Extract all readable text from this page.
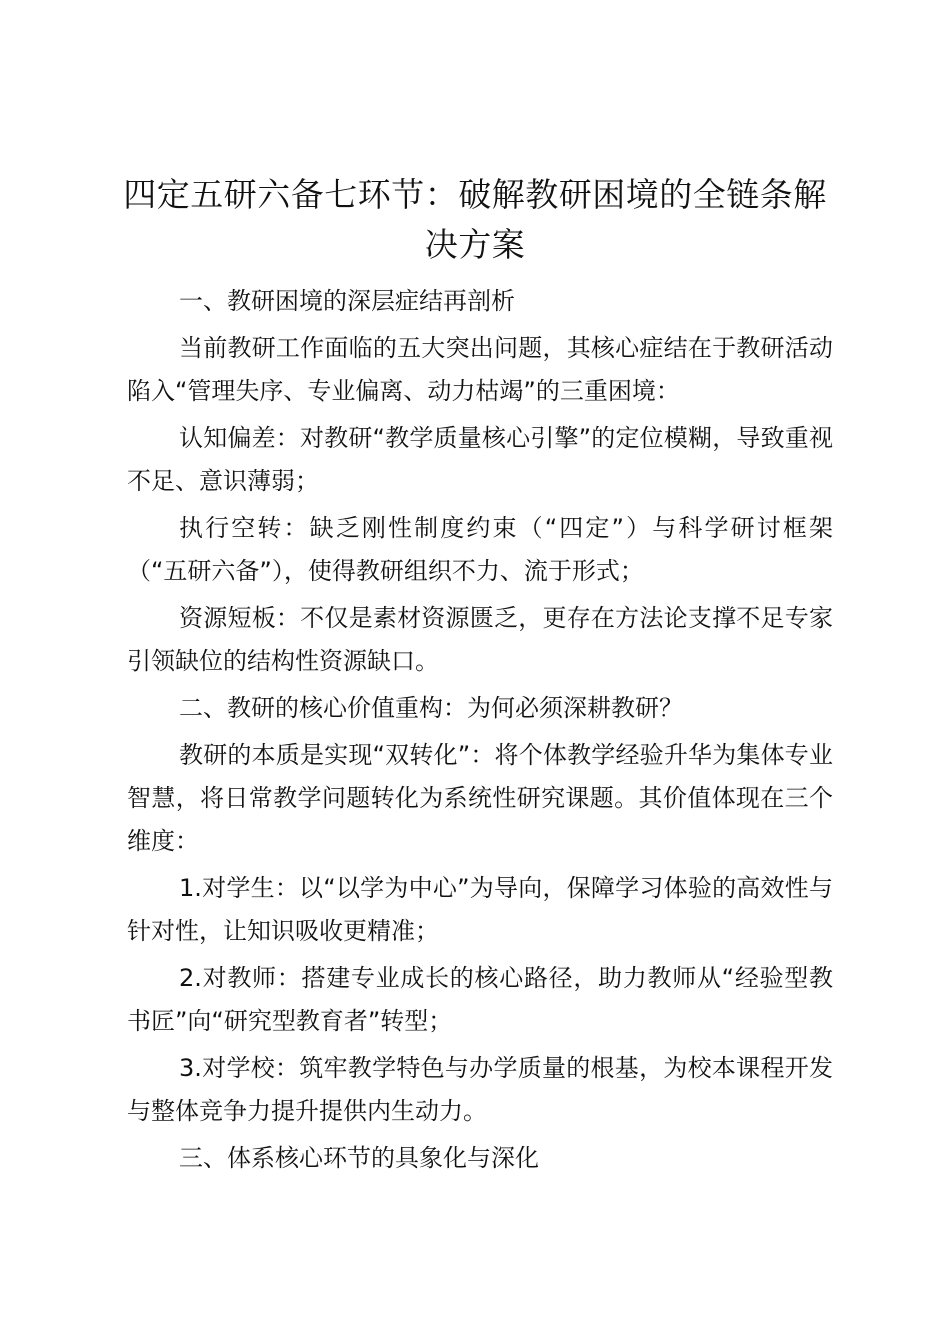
四定五研六备七环节：破解教研困境的全链条解决方案

一、教研困境的深层症结再剖析

当前教研工作面临的五大突出问题，其核心症结在于教研活动陷入“管理失序、专业偏离、动力枯竭”的三重困境：

认知偏差：对教研“教学质量核心引擎”的定位模糊，导致重视不足、意识薄弱；

执行空转：缺乏刚性制度约束（“四定”）与科学研讨框架（“五研六备”），使得教研组织不力、流于形式；

资源短板：不仅是素材资源匮乏，更存在方法论支撑不足专家引领缺位的结构性资源缺口。

二、教研的核心价值重构：为何必须深耕教研？

教研的本质是实现“双转化”：将个体教学经验升华为集体专业智慧，将日常教学问题转化为系统性研究课题。其价值体现在三个维度：

1.对学生：以“以学为中心”为导向，保障学习体验的高效性与针对性，让知识吸收更精准；

2.对教师：搭建专业成长的核心路径，助力教师从“经验型教书匠”向“研究型教育者”转型；

3.对学校：筑牢教学特色与办学质量的根基，为校本课程开发与整体竞争力提升提供内生动力。

三、体系核心环节的具象化与深化
